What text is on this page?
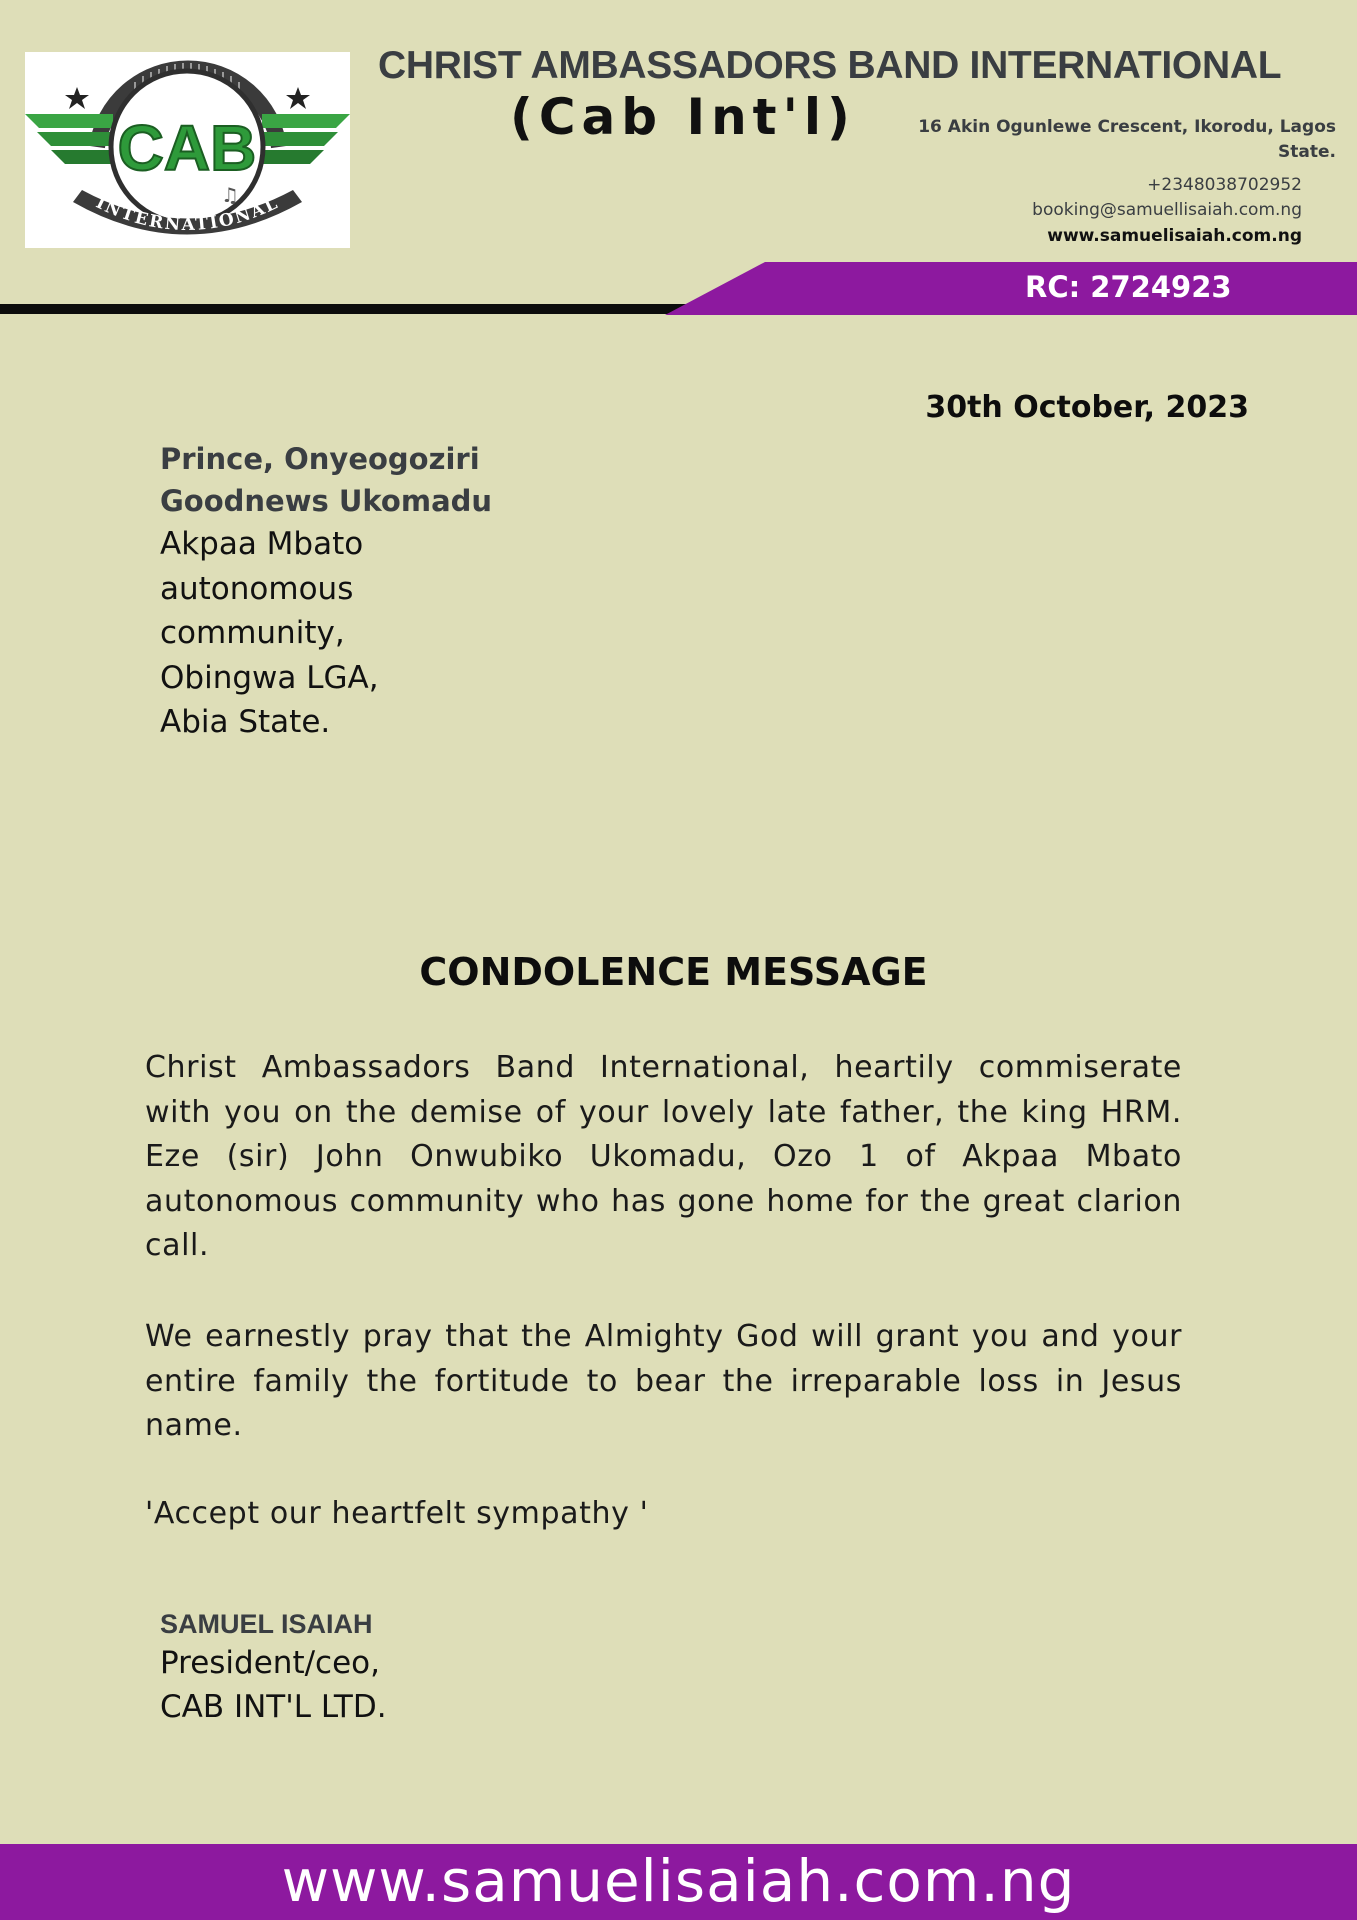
CAB
INTERNATIONAL
♫
CHRIST AMBASSADORS BAND INTERNATIONAL
(Cab Int'l)	16 Akin Ogunlewe Crescent, Ikorodu, Lagos State.
+2348038702952
booking@samuellisaiah.com.ng
www.samuelisaiah.com.ng
RC: 2724923
30th October, 2023
Prince, Onyeogoziri
Goodnews Ukomadu
Akpaa Mbato
autonomous
community,
Obingwa LGA,
Abia State.
CONDOLENCE MESSAGE

Christ Ambassadors Band International, heartily commiserate with you on the demise of your lovely late father, the king HRM. Eze (sir) John Onwubiko Ukomadu, Ozo 1 of Akpaa Mbato autonomous community who has gone home for the great clarion call.

We earnestly pray that the Almighty God will grant you and your entire family the fortitude to bear the irreparable loss in Jesus name.

'Accept our heartfelt sympathy '

SAMUEL ISAIAH
President/ceo,
CAB INT'L LTD.
www.samuelisaiah.com.ng
